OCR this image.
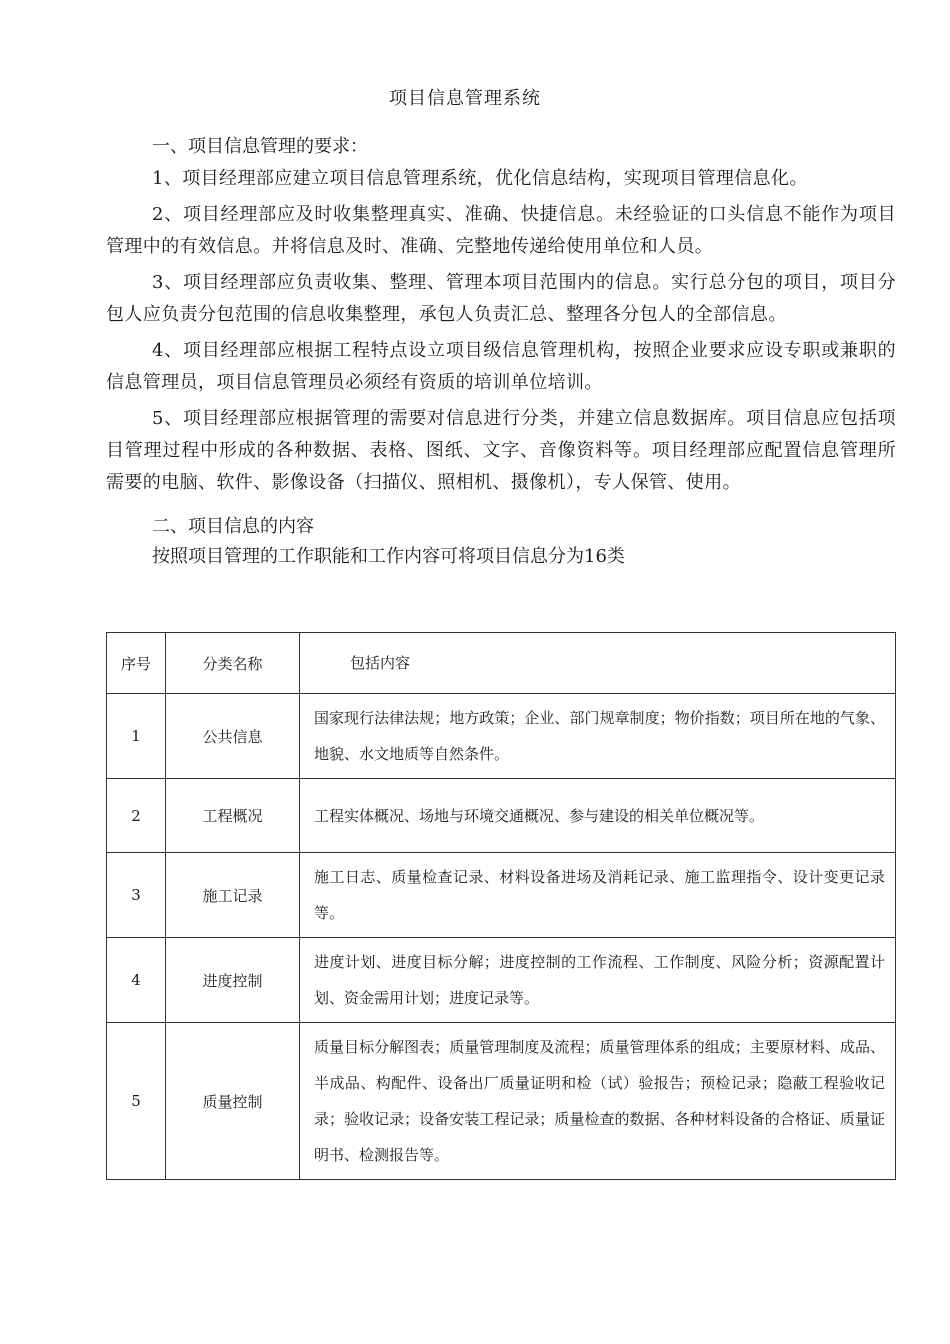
项目信息管理系统

一、项目信息管理的要求：

1、项目经理部应建立项目信息管理系统，优化信息结构，实现项目管理信息化。

2、项目经理部应及时收集整理真实、准确、快捷信息。未经验证的口头信息不能作为项目管理中的有效信息。并将信息及时、准确、完整地传递给使用单位和人员。

3、项目经理部应负责收集、整理、管理本项目范围内的信息。实行总分包的项目，项目分包人应负责分包范围的信息收集整理，承包人负责汇总、整理各分包人的全部信息。

4、项目经理部应根据工程特点设立项目级信息管理机构，按照企业要求应设专职或兼职的信息管理员，项目信息管理员必须经有资质的培训单位培训。

5、项目经理部应根据管理的需要对信息进行分类，并建立信息数据库。项目信息应包括项目管理过程中形成的各种数据、表格、图纸、文字、音像资料等。项目经理部应配置信息管理所需要的电脑、软件、影像设备（扫描仪、照相机、摄像机），专人保管、使用。

二、项目信息的内容

按照项目管理的工作职能和工作内容可将项目信息分为16类

序号	分类名称	包括内容
1	公共信息	国家现行法律法规；地方政策；企业、部门规章制度；物价指数；项目所在地的气象、地貌、水文地质等自然条件。
2	工程概况	工程实体概况、场地与环境交通概况、参与建设的相关单位概况等。
3	施工记录	施工日志、质量检查记录、材料设备进场及消耗记录、施工监理指令、设计变更记录等。
4	进度控制	进度计划、进度目标分解；进度控制的工作流程、工作制度、风险分析；资源配置计划、资金需用计划；进度记录等。
5	质量控制	质量目标分解图表；质量管理制度及流程；质量管理体系的组成；主要原材料、成品、半成品、构配件、设备出厂质量证明和检（试）验报告；预检记录；隐蔽工程验收记录；验收记录；设备安装工程记录；质量检查的数据、各种材料设备的合格证、质量证明书、检测报告等。
